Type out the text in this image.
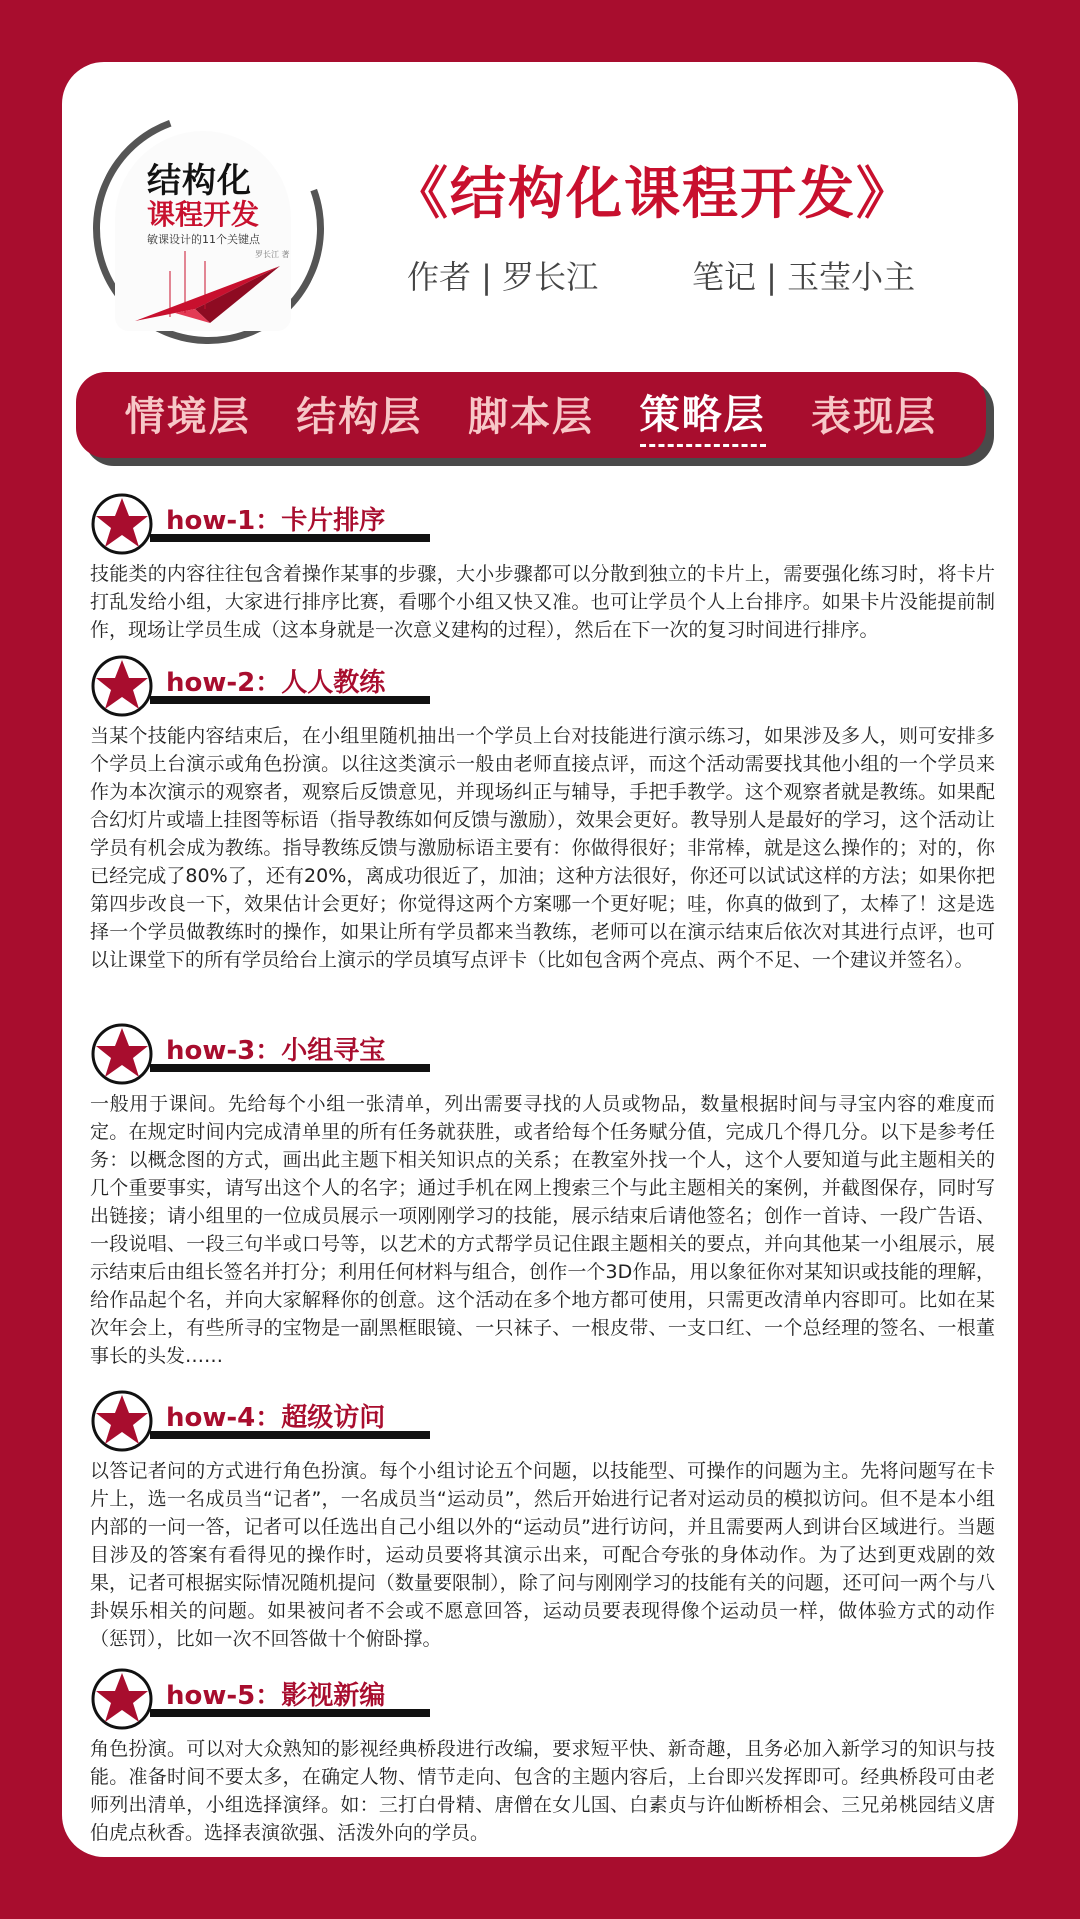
结构化
课程开发
敏课设计的11个关键点
罗长江 著
《结构化课程开发》
作者 | 罗长江	笔记 | 玉莹小主
情境层 结构层 脚本层 策略层 表现层
how-1：卡片排序
技能类的内容往往包含着操作某事的步骤，大小步骤都可以分散到独立的卡片上，需要强化练习时，将卡片打乱发给小组，大家进行排序比赛，看哪个小组又快又准。也可让学员个人上台排序。如果卡片没能提前制作，现场让学员生成（这本身就是一次意义建构的过程），然后在下一次的复习时间进行排序。
how-2：人人教练
当某个技能内容结束后，在小组里随机抽出一个学员上台对技能进行演示练习，如果涉及多人，则可安排多个学员上台演示或角色扮演。以往这类演示一般由老师直接点评，而这个活动需要找其他小组的一个学员来作为本次演示的观察者，观察后反馈意见，并现场纠正与辅导，手把手教学。这个观察者就是教练。如果配合幻灯片或墙上挂图等标语（指导教练如何反馈与激励），效果会更好。教导别人是最好的学习，这个活动让学员有机会成为教练。指导教练反馈与激励标语主要有：你做得很好；非常棒，就是这么操作的；对的，你已经完成了80%了，还有20%，离成功很近了，加油；这种方法很好，你还可以试试这样的方法；如果你把第四步改良一下，效果估计会更好；你觉得这两个方案哪一个更好呢；哇，你真的做到了，太棒了！这是选择一个学员做教练时的操作，如果让所有学员都来当教练，老师可以在演示结束后依次对其进行点评，也可以让课堂下的所有学员给台上演示的学员填写点评卡（比如包含两个亮点、两个不足、一个建议并签名）。
how-3：小组寻宝
一般用于课间。先给每个小组一张清单，列出需要寻找的人员或物品，数量根据时间与寻宝内容的难度而定。在规定时间内完成清单里的所有任务就获胜，或者给每个任务赋分值，完成几个得几分。以下是参考任务：以概念图的方式，画出此主题下相关知识点的关系；在教室外找一个人，这个人要知道与此主题相关的几个重要事实，请写出这个人的名字；通过手机在网上搜索三个与此主题相关的案例，并截图保存，同时写出链接；请小组里的一位成员展示一项刚刚学习的技能，展示结束后请他签名；创作一首诗、一段广告语、一段说唱、一段三句半或口号等，以艺术的方式帮学员记住跟主题相关的要点，并向其他某一小组展示，展示结束后由组长签名并打分；利用任何材料与组合，创作一个3D作品，用以象征你对某知识或技能的理解，给作品起个名，并向大家解释你的创意。这个活动在多个地方都可使用，只需更改清单内容即可。比如在某次年会上，有些所寻的宝物是一副黑框眼镜、一只袜子、一根皮带、一支口红、一个总经理的签名、一根董事长的头发……
how-4：超级访问
以答记者问的方式进行角色扮演。每个小组讨论五个问题，以技能型、可操作的问题为主。先将问题写在卡片上，选一名成员当“记者”，一名成员当“运动员”，然后开始进行记者对运动员的模拟访问。但不是本小组内部的一问一答，记者可以任选出自己小组以外的“运动员”进行访问，并且需要两人到讲台区域进行。当题目涉及的答案有看得见的操作时，运动员要将其演示出来，可配合夸张的身体动作。为了达到更戏剧的效果，记者可根据实际情况随机提问（数量要限制），除了问与刚刚学习的技能有关的问题，还可问一两个与八卦娱乐相关的问题。如果被问者不会或不愿意回答，运动员要表现得像个运动员一样，做体验方式的动作（惩罚），比如一次不回答做十个俯卧撑。
how-5：影视新编
角色扮演。可以对大众熟知的影视经典桥段进行改编，要求短平快、新奇趣，且务必加入新学习的知识与技能。准备时间不要太多，在确定人物、情节走向、包含的主题内容后，上台即兴发挥即可。经典桥段可由老师列出清单，小组选择演绎。如：三打白骨精、唐僧在女儿国、白素贞与许仙断桥相会、三兄弟桃园结义唐伯虎点秋香。选择表演欲强、活泼外向的学员。
